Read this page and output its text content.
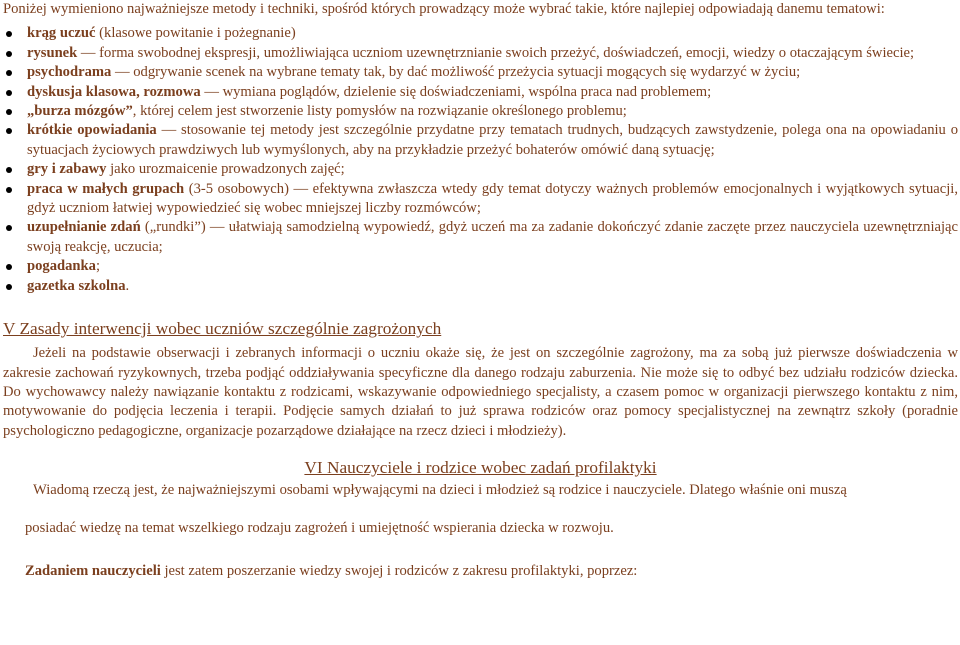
Poniżej wymieniono najważniejsze metody i techniki, spośród których prowadzący może wybrać takie, które najlepiej odpowiadają danemu tematowi:

krąg uczuć (klasowe powitanie i pożegnanie)
rysunek — forma swobodnej ekspresji, umożliwiająca uczniom uzewnętrznianie swoich przeżyć, doświadczeń, emocji, wiedzy o otaczającym świecie;
psychodrama — odgrywanie scenek na wybrane tematy tak, by dać możliwość przeżycia sytuacji mogących się wydarzyć w życiu;
dyskusja klasowa, rozmowa — wymiana poglądów, dzielenie się doświadczeniami, wspólna praca nad problemem;
„burza mózgów”, której celem jest stworzenie listy pomysłów na rozwiązanie określonego problemu;
krótkie opowiadania — stosowanie tej metody jest szczególnie przydatne przy tematach trudnych, budzących zawstydzenie, polega ona na opowiadaniu o sytuacjach życiowych prawdziwych lub wymyślonych, aby na przykładzie przeżyć bohaterów omówić daną sytuację;
gry i zabawy jako urozmaicenie prowadzonych zajęć;
praca w małych grupach (3-5 osobowych) — efektywna zwłaszcza wtedy gdy temat dotyczy ważnych problemów emocjonalnych i wyjątkowych sytuacji, gdyż uczniom łatwiej wypowiedzieć się wobec mniejszej liczby rozmówców;
uzupełnianie zdań („rundki”) — ułatwiają samodzielną wypowiedź, gdyż uczeń ma za zadanie dokończyć zdanie zaczęte przez nauczyciela uzewnętrzniając swoją reakcję, uczucia;
pogadanka;
gazetka szkolna.
V Zasady interwencji wobec uczniów szczególnie zagrożonych

Jeżeli na podstawie obserwacji i zebranych informacji o uczniu okaże się, że jest on szczególnie zagrożony, ma za sobą już pierwsze doświadczenia w zakresie zachowań ryzykownych, trzeba podjąć oddziaływania specyficzne dla danego rodzaju zaburzenia. Nie może się to odbyć bez udziału rodziców dziecka. Do wychowawcy należy nawiązanie kontaktu z rodzicami, wskazywanie odpowiedniego specjalisty, a czasem pomoc w organizacji pierwszego kontaktu z nim, motywowanie do podjęcia leczenia i terapii. Podjęcie samych działań to już sprawa rodziców oraz pomocy specjalistycznej na zewnątrz szkoły (poradnie psychologiczno pedagogiczne, organizacje pozarządowe działające na rzecz dzieci i młodzieży).

VI Nauczyciele i rodzice wobec zadań profilaktyki

Wiadomą rzeczą jest, że najważniejszymi osobami wpływającymi na dzieci i młodzież są rodzice i nauczyciele. Dlatego właśnie oni muszą

posiadać wiedzę na temat wszelkiego rodzaju zagrożeń i umiejętność wspierania dziecka w rozwoju.

Zadaniem nauczycieli jest zatem poszerzanie wiedzy swojej i rodziców z zakresu profilaktyki, poprzez:
